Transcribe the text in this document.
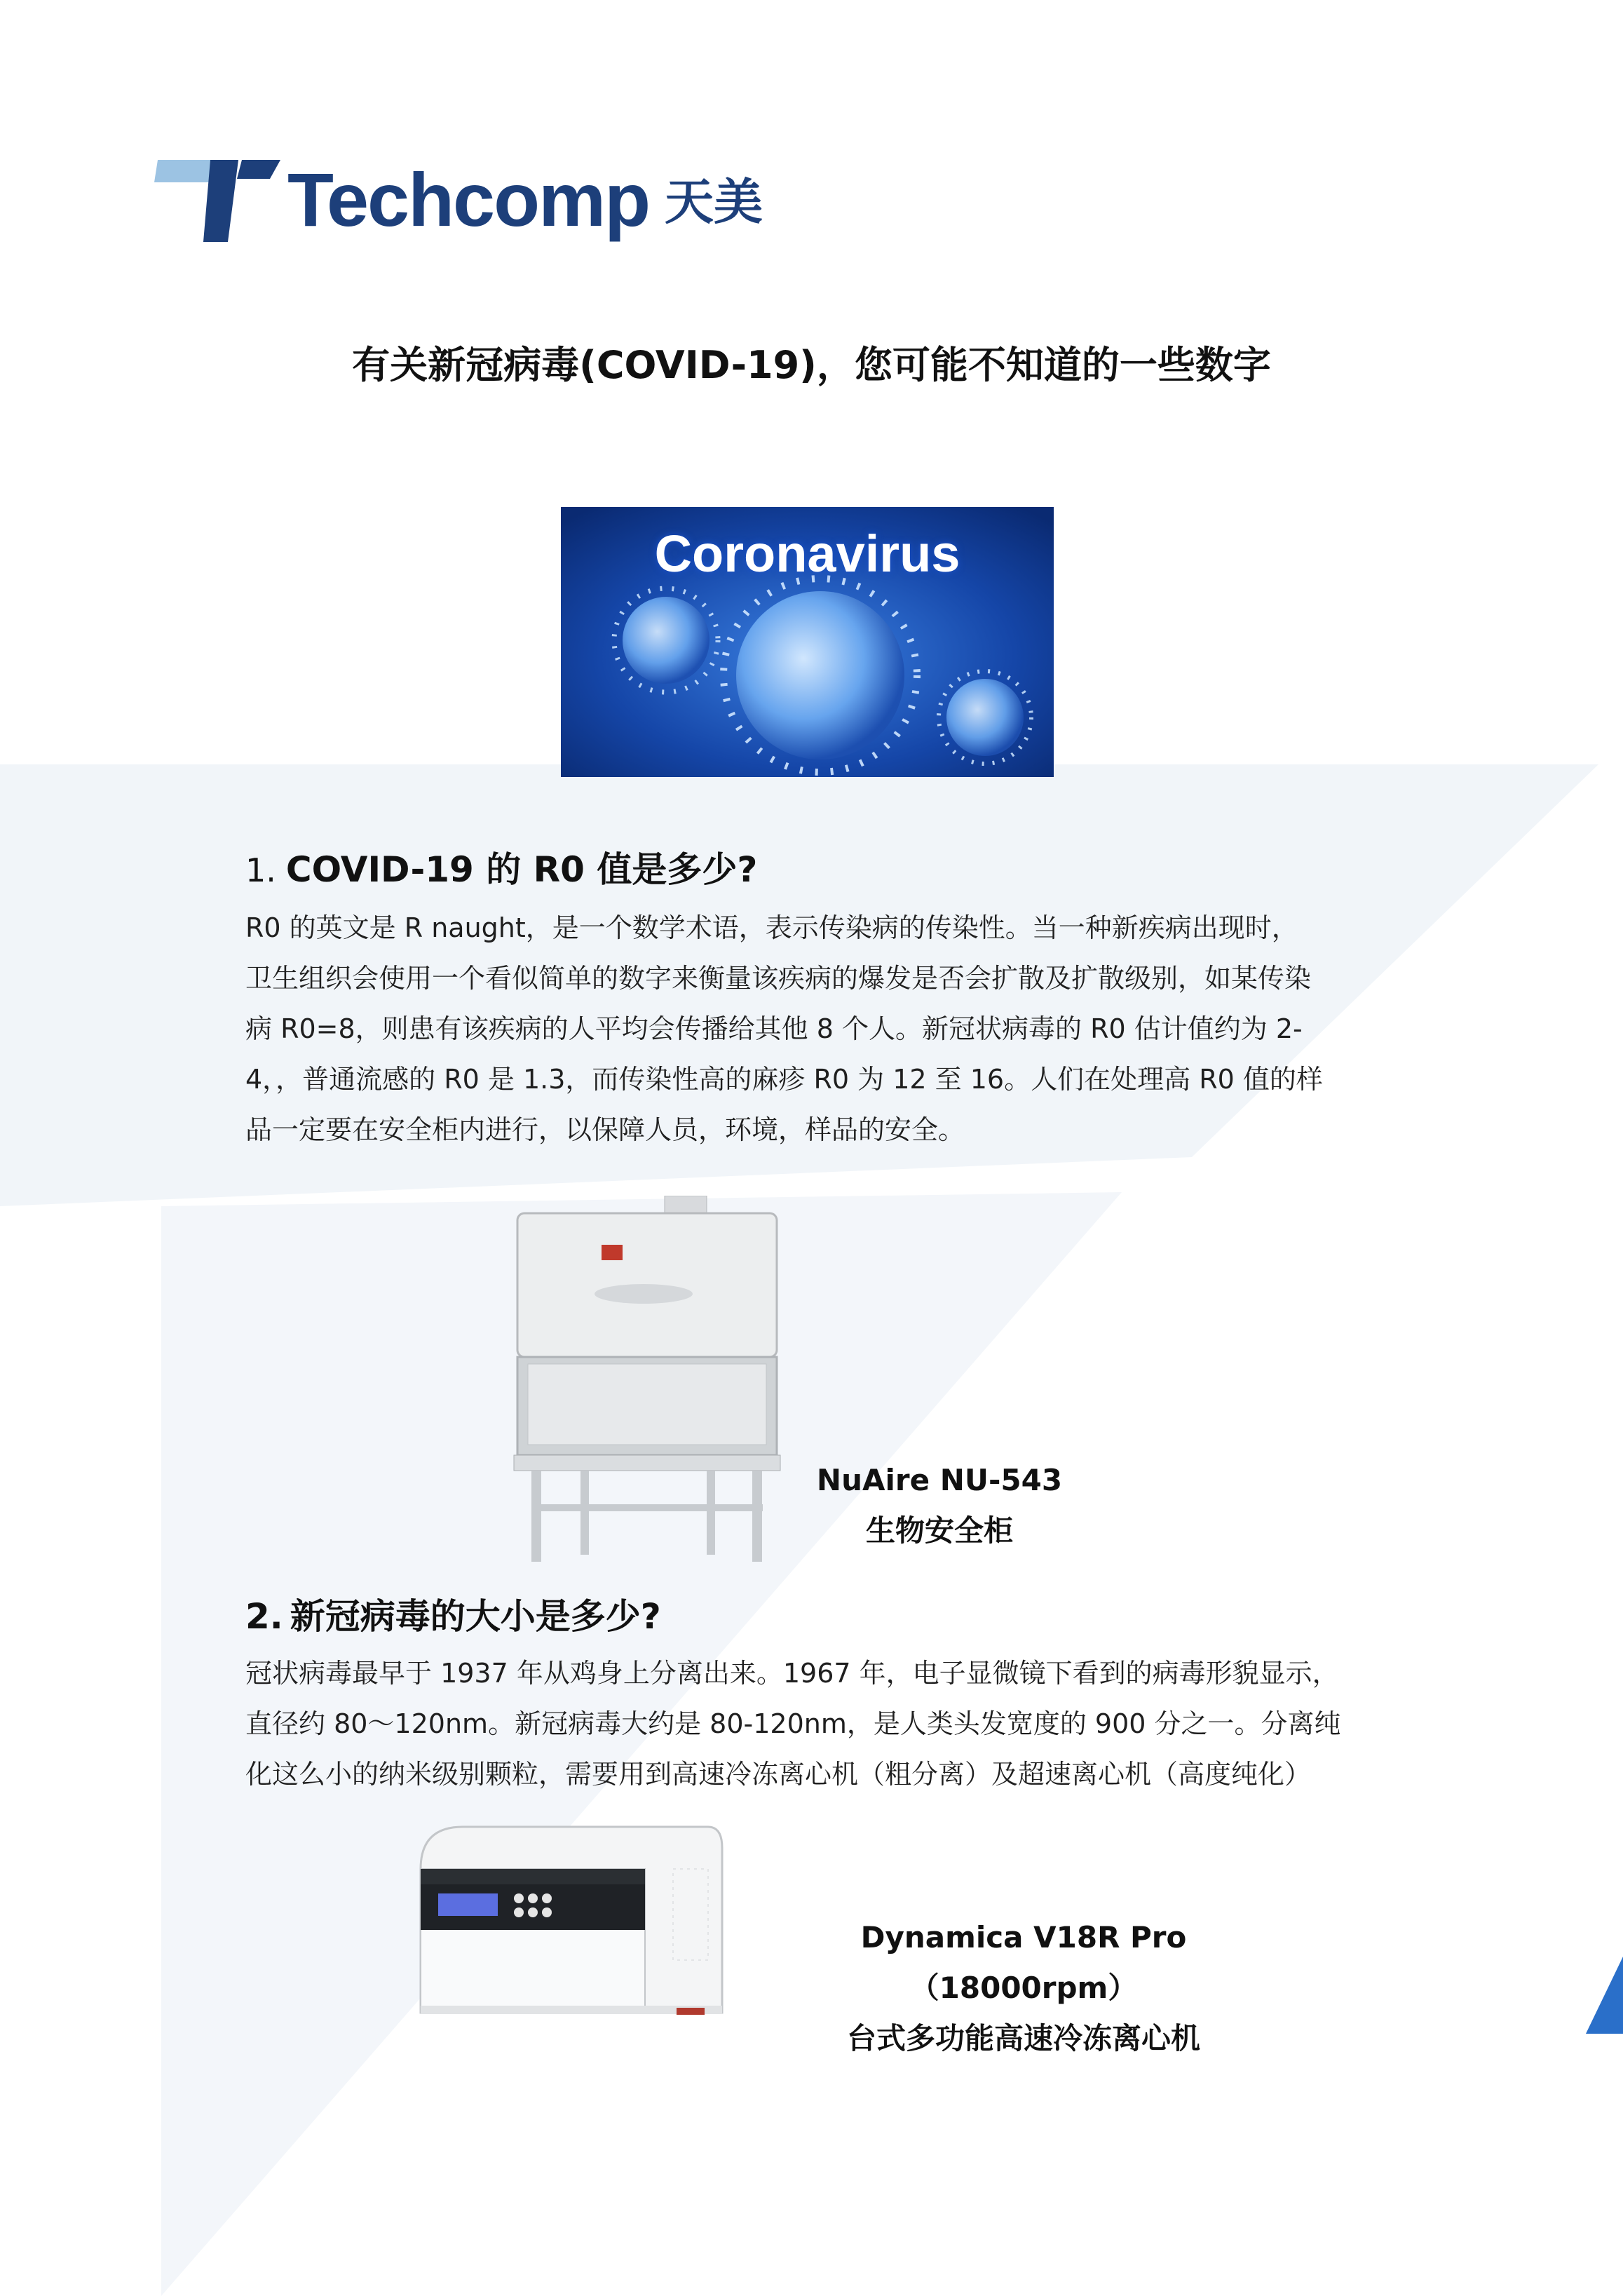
Techcomp 天美
有关新冠病毒(COVID-19)，您可能不知道的一些数字
Coronavirus
1. COVID-19 的 R0 值是多少?
R0 的英文是 R naught，是一个数学术语，表示传染病的传染性。当一种新疾病出现时，
卫生组织会使用一个看似简单的数字来衡量该疾病的爆发是否会扩散及扩散级别，如某传染
病 R0=8，则患有该疾病的人平均会传播给其他 8 个人。新冠状病毒的 R0 估计值约为 2-
4，，普通流感的 R0 是 1.3，而传染性高的麻疹 R0 为 12 至 16。人们在处理高 R0 值的样
品一定要在安全柜内进行，以保障人员，环境，样品的安全。
NuAire NU-543
生物安全柜
2. 新冠病毒的大小是多少?
冠状病毒最早于 1937 年从鸡身上分离出来。1967 年，电子显微镜下看到的病毒形貌显示，
直径约 80～120nm。新冠病毒大约是 80-120nm，是人类头发宽度的 900 分之一。分离纯
化这么小的纳米级别颗粒，需要用到高速冷冻离心机（粗分离）及超速离心机（高度纯化）
Dynamica V18R Pro（18000rpm）
台式多功能高速冷冻离心机
